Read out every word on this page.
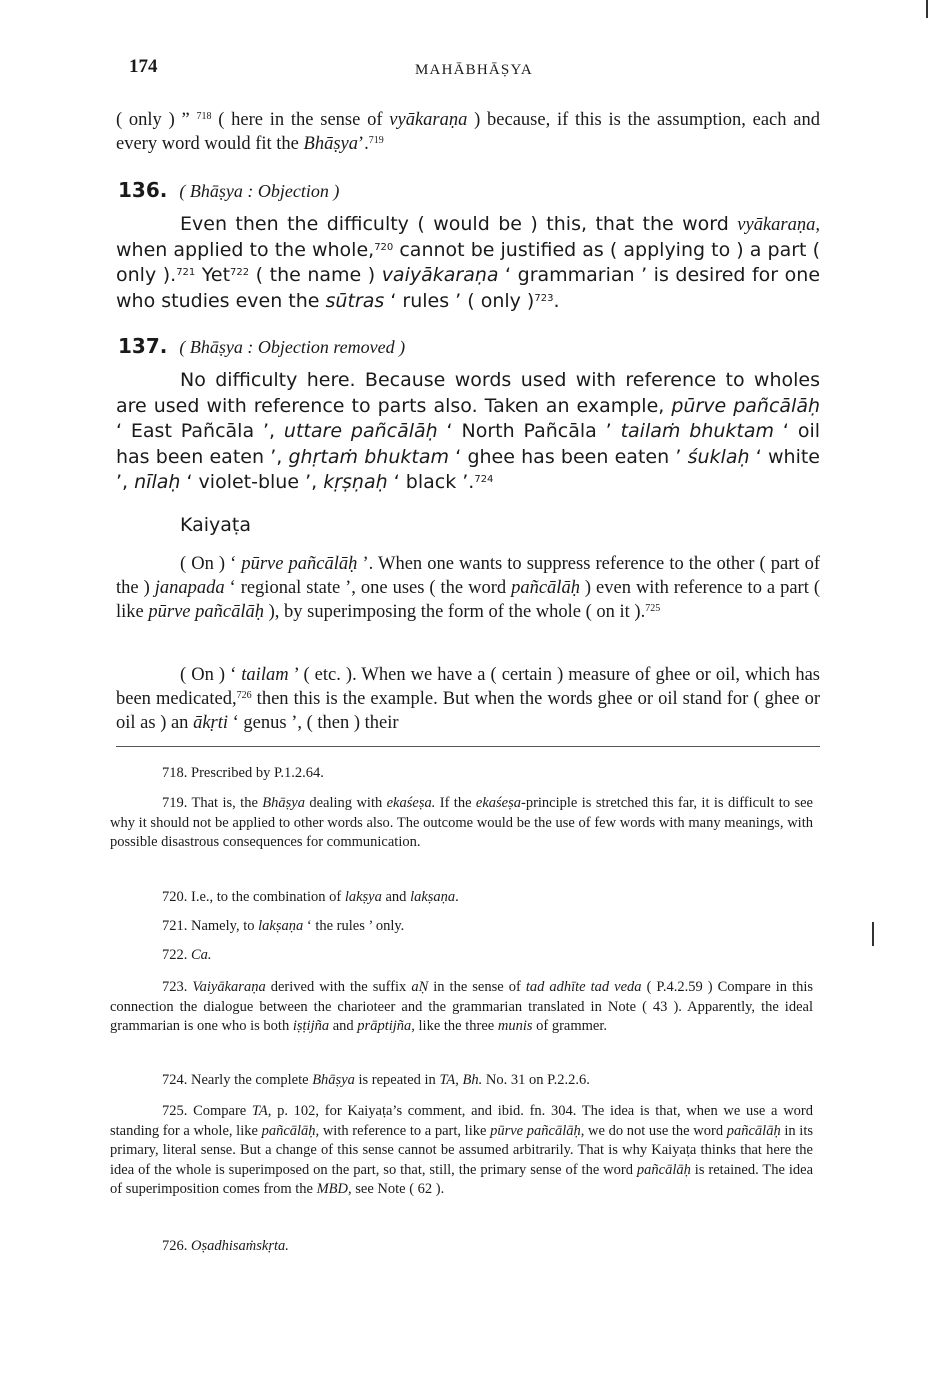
174	MAHĀBHĀṢYA

( only ) ” $^{718}$ ( here in the sense of vyākaraṇa ) because, if this is the assumption, each and every word would fit the Bhāṣya’.$^{719}$

136. ( Bhāṣya : Objection )

Even then the difficulty ( would be ) this, that the word vyākaraṇa, when applied to the whole,$^{720}$ cannot be justified as ( applying to ) a part ( only ).$^{721}$ Yet$^{722}$ ( the name ) vaiyākaraṇa ‘ grammarian ’ is desired for one who studies even the sūtras ‘ rules ’ ( only )$^{723}$.

137. ( Bhāṣya : Objection removed )

No difficulty here. Because words used with reference to wholes are used with reference to parts also. Taken an example, pūrve pañcālāḥ ‘ East Pañcāla ’, uttare pañcālāḥ ‘ North Pañcāla ’ tailaṁ bhuktam ‘ oil has been eaten ’, ghṛtaṁ bhuktam ‘ ghee has been eaten ’ śuklaḥ ‘ white ’, nīlaḥ ‘ violet-blue ’, kṛṣṇaḥ ‘ black ’.$^{724}$

Kaiyaṭa

( On ) ‘ pūrve pañcālāḥ ’. When one wants to suppress reference to the other ( part of the ) janapada ‘ regional state ’, one uses ( the word pañcālāḥ ) even with reference to a part ( like pūrve pañcālāḥ ), by superimposing the form of the whole ( on it ).$^{725}$

( On ) ‘ tailam ’ ( etc. ). When we have a ( certain ) measure of ghee or oil, which has been medicated,$^{726}$ then this is the example. But when the words ghee or oil stand for ( ghee or oil as ) an ākṛti ‘ genus ’, ( then ) their

718. Prescribed by P.1.2.64.

719. That is, the Bhāṣya dealing with ekaśeṣa. If the ekaśeṣa-principle is stretched this far, it is difficult to see why it should not be applied to other words also. The outcome would be the use of few words with many meanings, with possible disastrous consequences for communication.

720. I.e., to the combination of lakṣya and lakṣaṇa.

721. Namely, to lakṣaṇa ‘ the rules ’ only.

722. Ca.

723. Vaiyākaraṇa derived with the suffix aṆ in the sense of tad adhīte tad veda ( P.4.2.59 ) Compare in this connection the dialogue between the charioteer and the grammarian translated in Note ( 43 ). Apparently, the ideal grammarian is one who is both iṣṭijña and prāptijña, like the three munis of grammer.

724. Nearly the complete Bhāṣya is repeated in TA, Bh. No. 31 on P.2.2.6.

725. Compare TA, p. 102, for Kaiyaṭa’s comment, and ibid. fn. 304. The idea is that, when we use a word standing for a whole, like pañcālāḥ, with reference to a part, like pūrve pañcālāḥ, we do not use the word pañcālāḥ in its primary, literal sense. But a change of this sense cannot be assumed arbitrarily. That is why Kaiyaṭa thinks that here the idea of the whole is superimposed on the part, so that, still, the primary sense of the word pañcālāḥ is retained. The idea of superimposition comes from the MBD, see Note ( 62 ).

726. Oṣadhisaṁskṛta.
